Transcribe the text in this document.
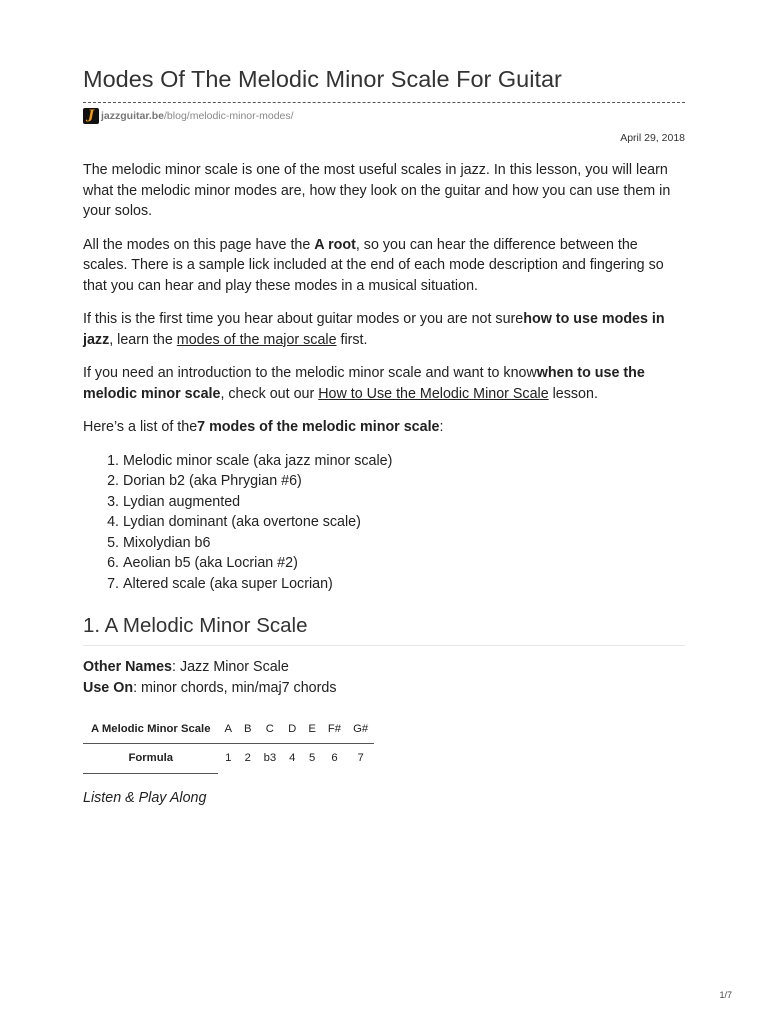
Modes Of The Melodic Minor Scale For Guitar
J jazzguitar.be /blog/melodic-minor-modes/
April 29, 2018

The melodic minor scale is one of the most useful scales in jazz. In this lesson, you will learn what the melodic minor modes are, how they look on the guitar and how you can use them in your solos.

All the modes on this page have the A root, so you can hear the difference between the scales. There is a sample lick included at the end of each mode description and fingering so that you can hear and play these modes in a musical situation.

If this is the first time you hear about guitar modes or you are not surehow to use modes in jazz, learn the modes of the major scale first.

If you need an introduction to the melodic minor scale and want to knowwhen to use the melodic minor scale, check out our How to Use the Melodic Minor Scale lesson.

Here’s a list of the7 modes of the melodic minor scale:

1. Melodic minor scale (aka jazz minor scale)
2. Dorian b2 (aka Phrygian #6)
3. Lydian augmented
4. Lydian dominant (aka overtone scale)
5. Mixolydian b6
6. Aeolian b5 (aka Locrian #2)
7. Altered scale (aka super Locrian)
1. A Melodic Minor Scale
Other Names: Jazz Minor Scale
Use On: minor chords, min/maj7 chords
A Melodic Minor Scale	A	B	C	D	E	F#	G#
Formula	1	2	b3	4	5	6	7
Listen & Play Along
1/7
